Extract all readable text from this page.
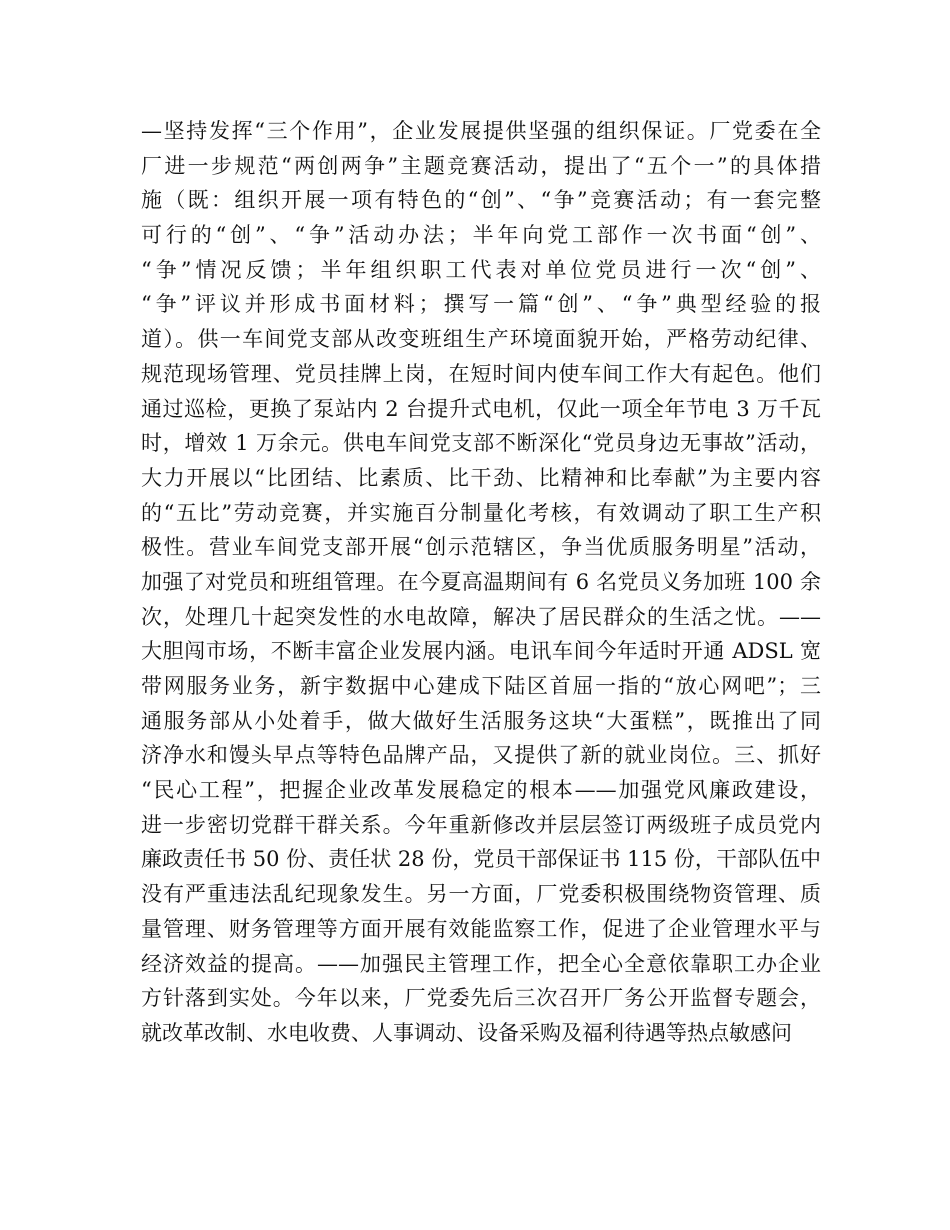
—坚持发挥“三个作用”，企业发展提供坚强的组织保证。厂党委在全
厂进一步规范“两创两争”主题竞赛活动，提出了“五个一”的具体措
施（既：组织开展一项有特色的“创”、“争”竞赛活动；有一套完整
可行的“创”、“争”活动办法；半年向党工部作一次书面“创”、
“争”情况反馈；半年组织职工代表对单位党员进行一次“创”、
“争”评议并形成书面材料；撰写一篇“创”、“争”典型经验的报
道）。供一车间党支部从改变班组生产环境面貌开始，严格劳动纪律、
规范现场管理、党员挂牌上岗，在短时间内使车间工作大有起色。他们
通过巡检，更换了泵站内 2 台提升式电机，仅此一项全年节电 3 万千瓦
时，增效 1 万余元。供电车间党支部不断深化“党员身边无事故”活动，
大力开展以“比团结、比素质、比干劲、比精神和比奉献”为主要内容
的“五比”劳动竞赛，并实施百分制量化考核，有效调动了职工生产积
极性。营业车间党支部开展“创示范辖区，争当优质服务明星”活动，
加强了对党员和班组管理。在今夏高温期间有 6 名党员义务加班 100 余
次，处理几十起突发性的水电故障，解决了居民群众的生活之忧。——
大胆闯市场，不断丰富企业发展内涵。电讯车间今年适时开通 ADSL 宽
带网服务业务，新宇数据中心建成下陆区首屈一指的“放心网吧”；三
通服务部从小处着手，做大做好生活服务这块“大蛋糕”，既推出了同
济净水和馒头早点等特色品牌产品，又提供了新的就业岗位。三、抓好
“民心工程”，把握企业改革发展稳定的根本——加强党风廉政建设，
进一步密切党群干群关系。今年重新修改并层层签订两级班子成员党内
廉政责任书 50 份、责任状 28 份，党员干部保证书 115 份，干部队伍中
没有严重违法乱纪现象发生。另一方面，厂党委积极围绕物资管理、质
量管理、财务管理等方面开展有效能监察工作，促进了企业管理水平与
经济效益的提高。——加强民主管理工作，把全心全意依靠职工办企业
方针落到实处。今年以来，厂党委先后三次召开厂务公开监督专题会，
就改革改制、水电收费、人事调动、设备采购及福利待遇等热点敏感问
